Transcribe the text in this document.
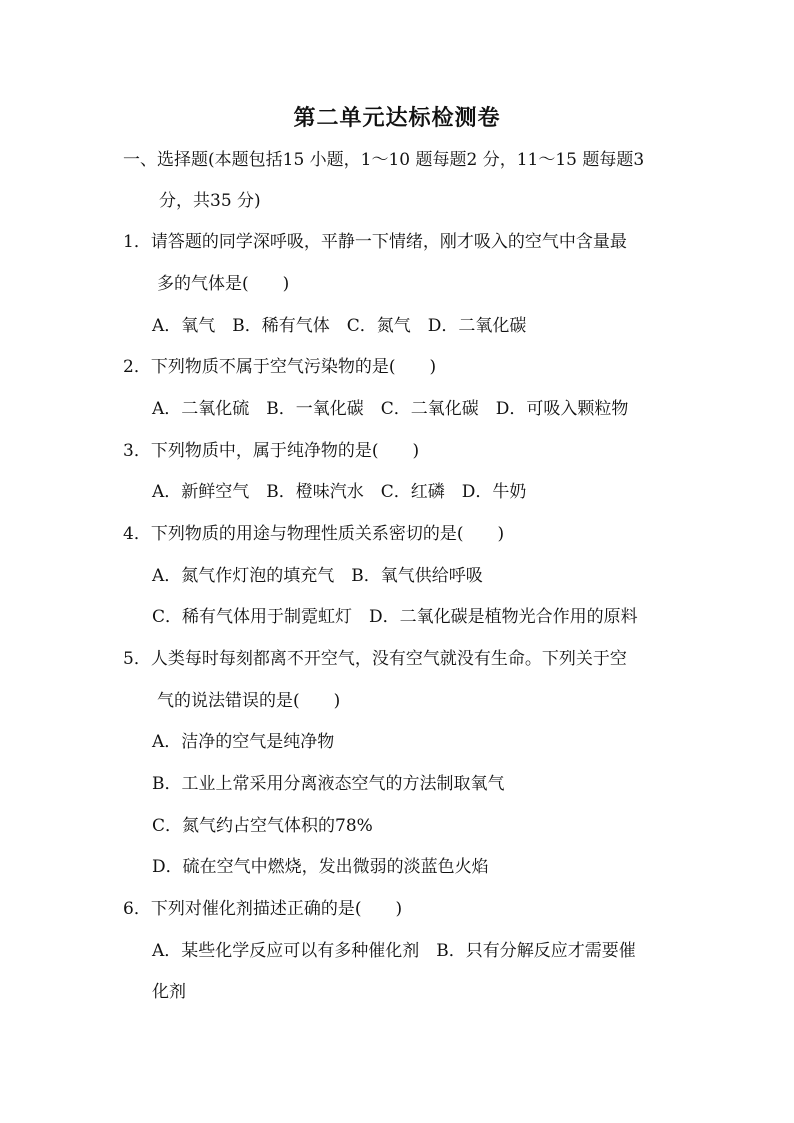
第二单元达标检测卷
一、选择题(本题包括15 小题，1～10 题每题2 分，11～15 题每题3
分，共35 分)
1．请答题的同学深呼吸，平静一下情绪，刚才吸入的空气中含量最
多的气体是(　　)
A．氧气　B．稀有气体　C．氮气　D．二氧化碳
2．下列物质不属于空气污染物的是(　　)
A．二氧化硫　B．一氧化碳　C．二氧化碳　D．可吸入颗粒物
3．下列物质中，属于纯净物的是(　　)
A．新鲜空气　B．橙味汽水　C．红磷　D．牛奶
4．下列物质的用途与物理性质关系密切的是(　　)
A．氮气作灯泡的填充气　B．氧气供给呼吸
C．稀有气体用于制霓虹灯　D．二氧化碳是植物光合作用的原料
5．人类每时每刻都离不开空气，没有空气就没有生命。下列关于空
气的说法错误的是(　　)
A．洁净的空气是纯净物
B．工业上常采用分离液态空气的方法制取氧气
C．氮气约占空气体积的78%
D．硫在空气中燃烧，发出微弱的淡蓝色火焰
6．下列对催化剂描述正确的是(　　)
A．某些化学反应可以有多种催化剂　B．只有分解反应才需要催
化剂
